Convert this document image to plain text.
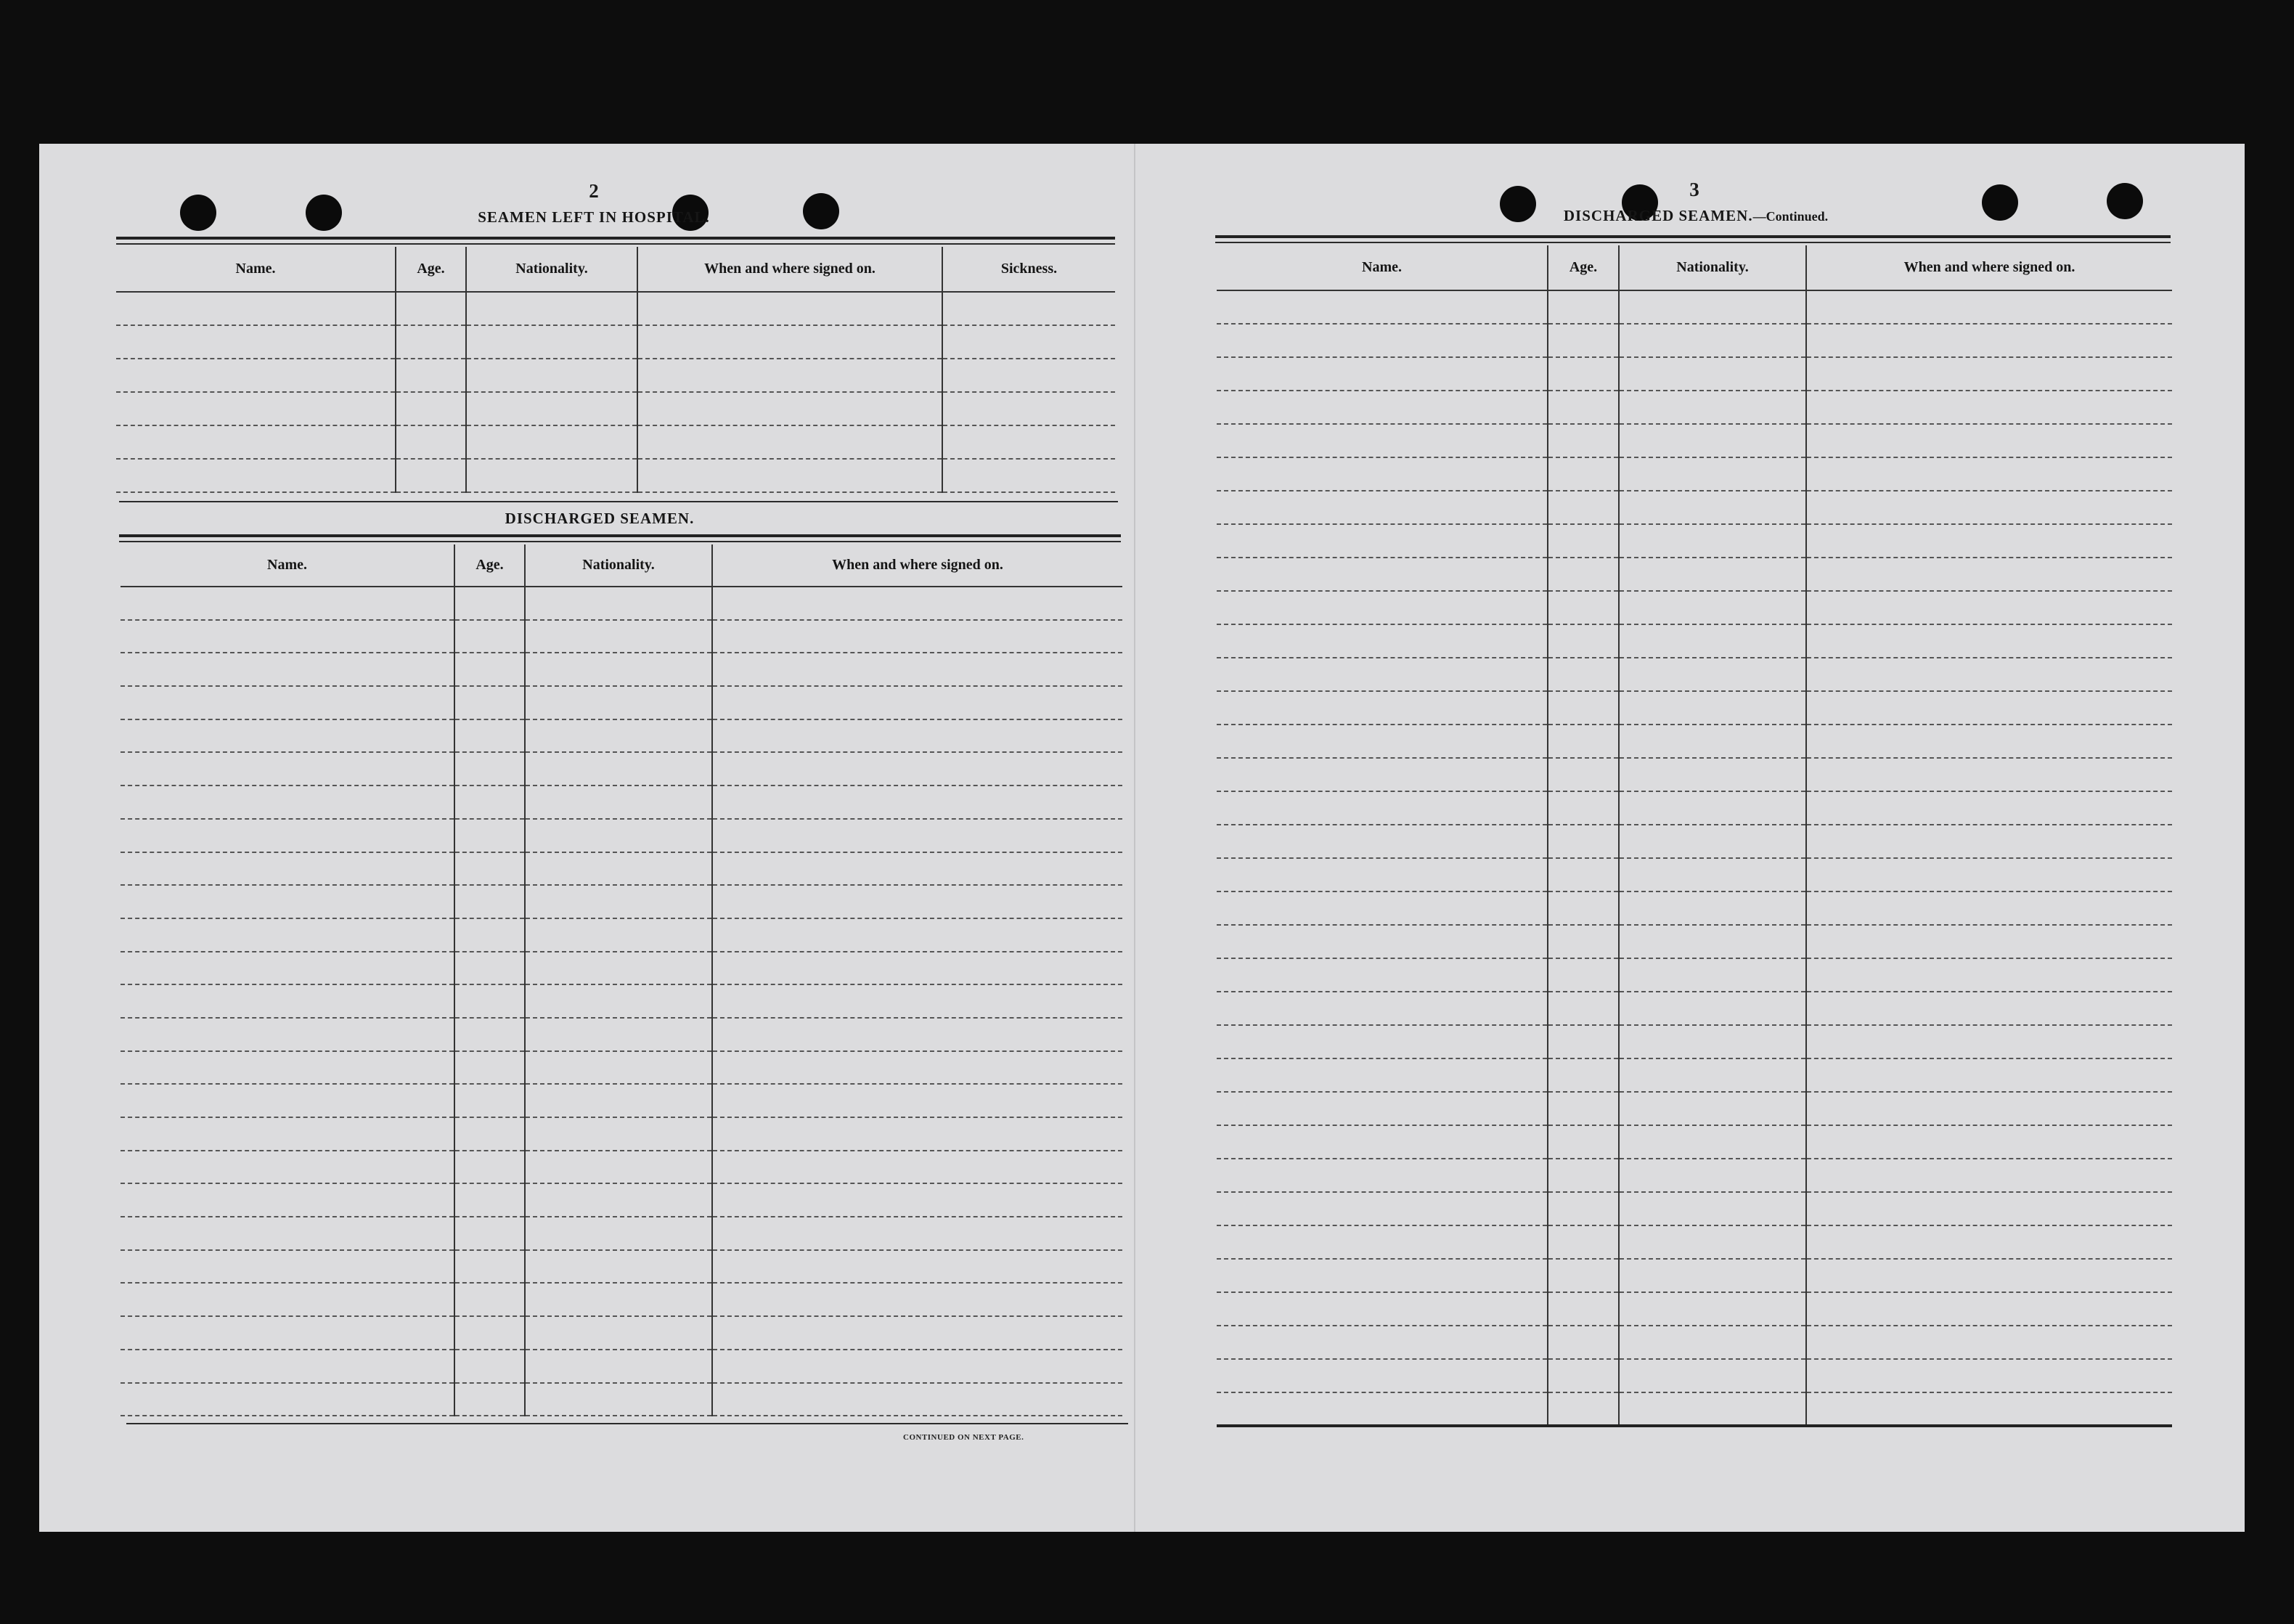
2
SEAMEN LEFT IN HOSPITAL.
Name.	Age.	Nationality.	When and where signed on.	Sickness.

DISCHARGED SEAMEN.
Name.	Age.	Nationality.	When and where signed on.

CONTINUED ON NEXT PAGE.
3
DISCHARGED SEAMEN.—Continued.
Name.	Age.	Nationality.	When and where signed on.
